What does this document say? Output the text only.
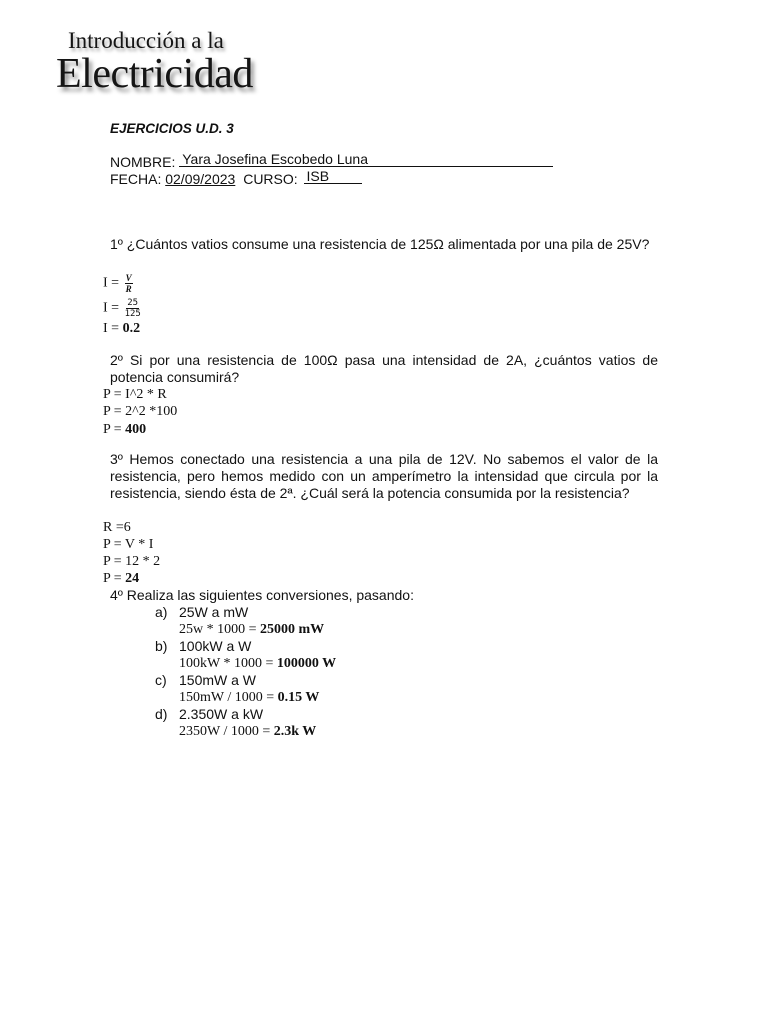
Introducción a la
Electricidad
EJERCICIOS U.D. 3
NOMBRE: Yara Josefina Escobedo Luna
FECHA: 02/09/2023 CURSO: ISB
1º ¿Cuántos vatios consume una resistencia de 125Ω alimentada por una pila de 25V?
$I = \frac{V}{R}$
$I = \frac{25}{125}$
I = 0.2
2º Si por una resistencia de 100Ω pasa una intensidad de 2A, ¿cuántos vatios de potencia consumirá?
P = I^2 * R
P = 2^2 *100
P = 400
3º Hemos conectado una resistencia a una pila de 12V. No sabemos el valor de la resistencia, pero hemos medido con un amperímetro la intensidad que circula por la resistencia, siendo ésta de 2ª. ¿Cuál será la potencia consumida por la resistencia?
R =6
P = V * I
P = 12 * 2
P = 24
4º Realiza las siguientes conversiones, pasando:
a) 25W a mW
25w * 1000 = 25000 mW
b) 100kW a W
100kW * 1000 = 100000 W
c) 150mW a W
150mW / 1000 = 0.15 W
d) 2.350W a kW
2350W / 1000 = 2.3k W
